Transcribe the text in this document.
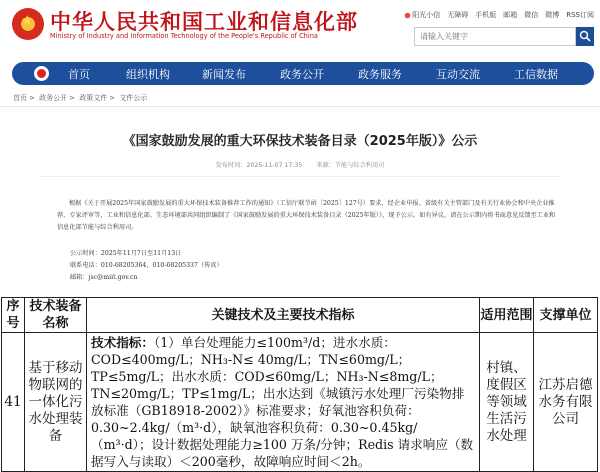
★
中华人民共和国工业和信息化部
Ministry of Industry and Information Technology of the People's Republic of China
阳光小信 无障碍 手机版 邮箱 微信 微博 RSS订阅
请输入关键字
首页	组织机构	新闻发布	政务公开	政务服务	互动交流	工信数据
首页 > 政务公开 > 政策文件 > 文件公示
《国家鼓励发展的重大环保技术装备目录（2025年版）》公示
发布时间：2025-11-07 17:35 来源：节能与综合利用司

根据《关于开展2025年国家鼓励发展的重大环保技术装备推荐工作的通知》（工信厅联节函〔2025〕127号）要求，经企业申报、省级有关主管部门及有关行业协会和中央企业推荐，专家评审等，工业和信息化部、生态环境部共同组织编制了《国家鼓励发展的重大环保技术装备目录（2025年版）》，现予公示。如有异议，请在公示期内将书面意见反馈至工业和信息化部节能与综合利用司。

公示时间：2025年11月7日至11月13日
联系电话：010-68205364，010-68205337（传真）
邮箱：jsc@miit.gov.cn
序号	技术装备名称	关键技术及主要技术指标	适用范围	支撑单位
41	基于移动物联网的一体化污水处理装备	技术指标：（1）单台处理能力≤100m³/d；进水水质：COD≤400mg/L；NH₃-N≤ 40mg/L；TN≤60mg/L；TP≤5mg/L；出水水质：COD≤60mg/L；NH₃-N≤8mg/L；TN≤20mg/L；TP≤1mg/L；出水达到《城镇污水处理厂污染物排放标准（GB18918-2002）》标准要求；好氧池容积负荷：0.30~2.4kg/（m³·d），缺氧池容积负荷：0.30~0.45kg/（m³·d）；设计数据处理能力≥100 万条/分钟；Redis 请求响应（数据写入与读取）＜200毫秒，故障响应时间＜2h。	村镇、度假区等领域生活污水处理	江苏启德水务有限公司
